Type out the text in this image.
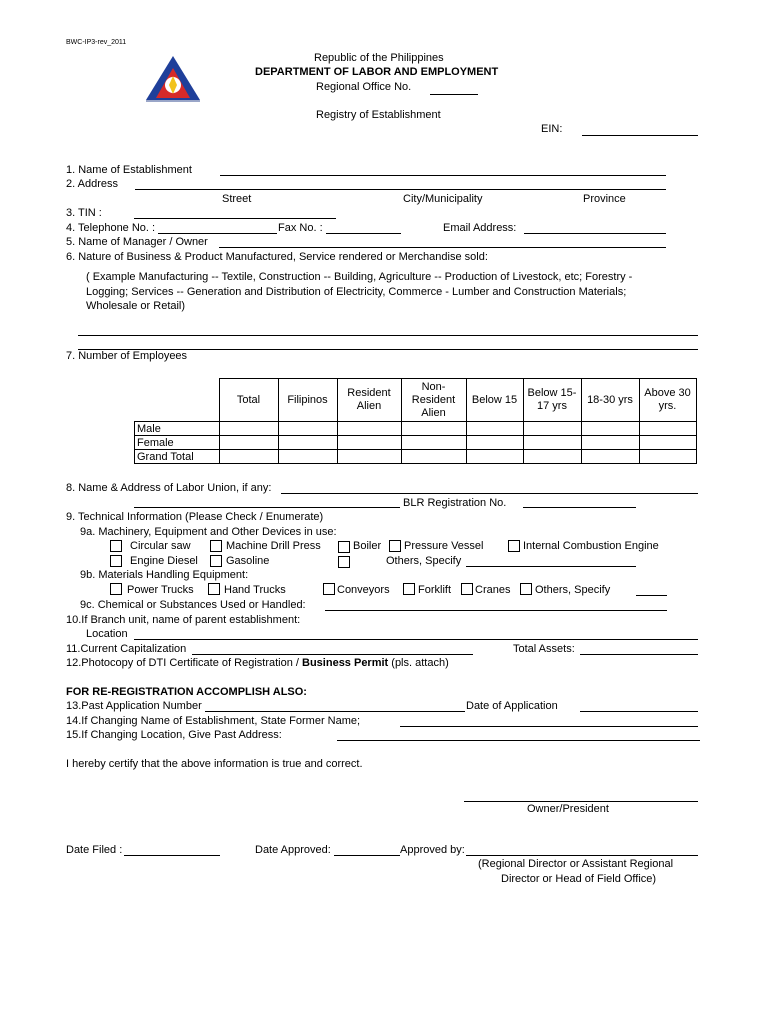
BWC-IP3-rev_2011
Republic of the Philippines
DEPARTMENT OF LABOR AND EMPLOYMENT
Regional Office No.
Registry of Establishment
EIN:
1. Name of Establishment
2. Address
Street	City/Municipality	Province
3. TIN :
4. Telephone No. :	Fax No. :	Email Address:
5. Name of Manager / Owner
6. Nature of Business & Product Manufactured, Service rendered or Merchandise sold:
( Example Manufacturing -- Textile, Construction -- Building, Agriculture -- Production of Livestock, etc; Forestry -
Logging; Services -- Generation and Distribution of Electricity, Commerce - Lumber and Construction Materials;
Wholesale or Retail)
7. Number of Employees
	Total	Filipinos	Resident Alien	Non-Resident Alien	Below 15	Below 15-17 yrs	18-30 yrs	Above 30 yrs.
Male								
Female								
Grand Total								
8. Name & Address of Labor Union, if any:
BLR Registration No.
9. Technical Information (Please Check / Enumerate)
9a. Machinery, Equipment and Other Devices in use:
Circular saw	Machine Drill Press	Boiler Pressure Vessel	Internal Combustion Engine
Engine Diesel	Gasoline	Others, Specify
9b. Materials Handling Equipment:
Power Trucks	Hand Trucks	Conveyors	Forklift Cranes Others, Specify
9c. Chemical or Substances Used or Handled:
10.If Branch unit, name of parent establishment:
Location
11.Current Capitalization	Total Assets:
12.Photocopy of DTI Certificate of Registration / Business Permit (pls. attach)
FOR RE-REGISTRATION ACCOMPLISH ALSO:
13.Past Application Number	Date of Application
14.If Changing Name of Establishment, State Former Name;
15.If Changing Location, Give Past Address:
I hereby certify that the above information is true and correct.
Owner/President
Date Filed :	Date Approved:	Approved by:
(Regional Director or Assistant Regional
Director or Head of Field Office)
